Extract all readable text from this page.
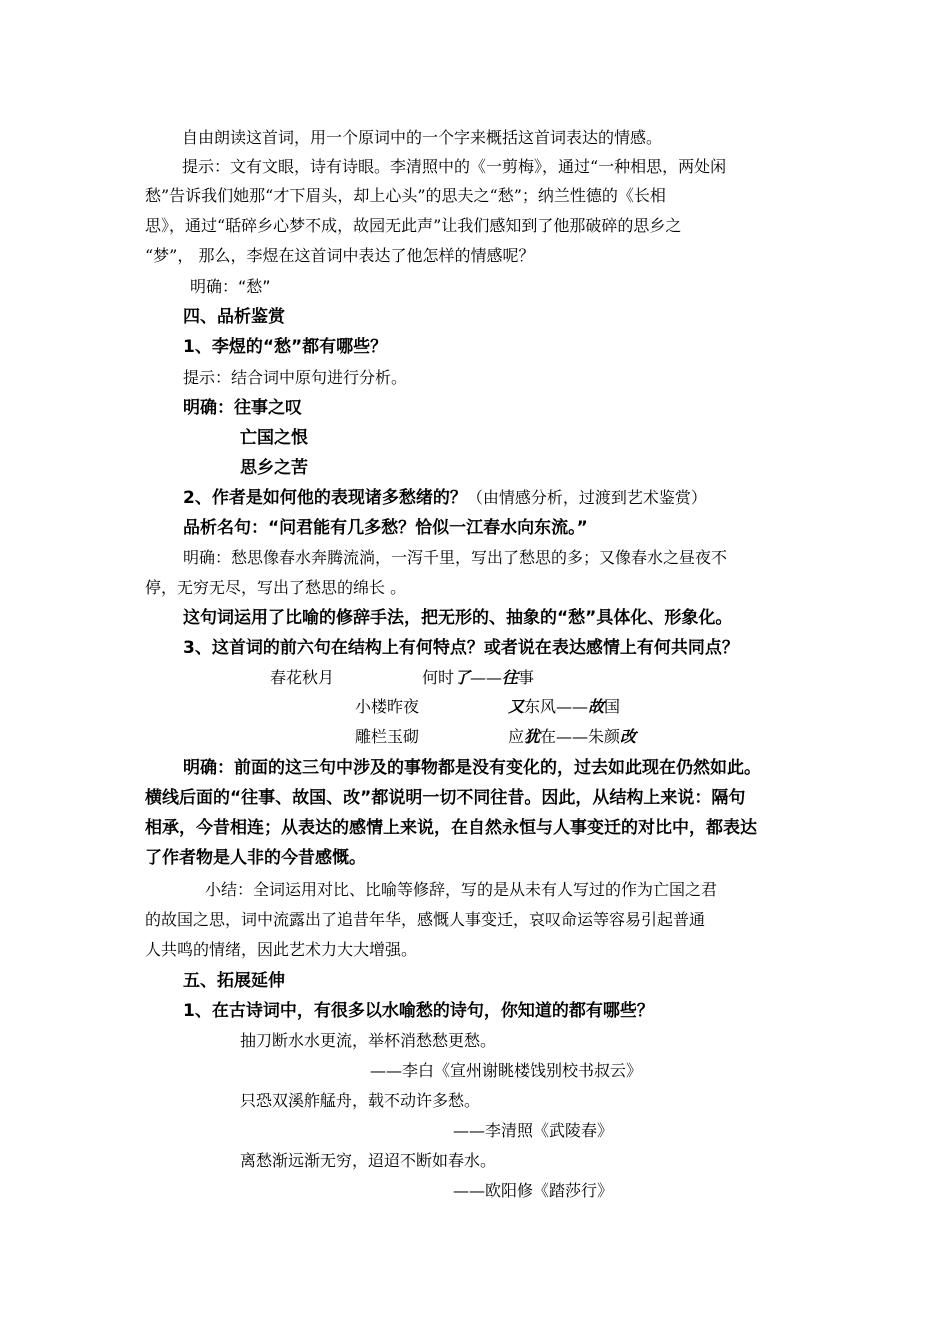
自由朗读这首词，用一个原词中的一个字来概括这首词表达的情感。
提示：文有文眼，诗有诗眼。李清照中的《一剪梅》，通过“一种相思，两处闲
愁”告诉我们她那“才下眉头，却上心头”的思夫之“愁”；纳兰性德的《长相
思》，通过“聒碎乡心梦不成，故园无此声”让我们感知到了他那破碎的思乡之
“梦”， 那么，李煜在这首词中表达了他怎样的情感呢？
明确：“愁”
四、品析鉴赏
1、李煜的“愁”都有哪些？
提示：结合词中原句进行分析。
明确：往事之叹
亡国之恨
思乡之苦
2、作者是如何他的表现诸多愁绪的？（由情感分析，过渡到艺术鉴赏）
品析名句：“问君能有几多愁？恰似一江春水向东流。”
明确：愁思像春水奔腾流淌，一泻千里，写出了愁思的多；又像春水之昼夜不
停，无穷无尽，写出了愁思的绵长 。
这句词运用了比喻的修辞手法，把无形的、抽象的“愁”具体化、形象化。
3、这首词的前六句在结构上有何特点？或者说在表达感情上有何共同点？
春花秋月	何时了——往事
小楼昨夜	又东风——故国
雕栏玉砌	应犹在——朱颜改
明确：前面的这三句中涉及的事物都是没有变化的，过去如此现在仍然如此。
横线后面的“往事、故国、改”都说明一切不同往昔。因此，从结构上来说：隔句
相承，今昔相连；从表达的感情上来说，在自然永恒与人事变迁的对比中，都表达
了作者物是人非的今昔感慨。
小结：全词运用对比、比喻等修辞，写的是从未有人写过的作为亡国之君
的故国之思，词中流露出了追昔年华，感慨人事变迁，哀叹命运等容易引起普通
人共鸣的情绪，因此艺术力大大增强。
五、拓展延伸
1、在古诗词中，有很多以水喻愁的诗句，你知道的都有哪些？
抽刀断水水更流，举杯消愁愁更愁。
——李白《宣州谢眺楼饯别校书叔云》
只恐双溪舴艋舟，载不动许多愁。
——李清照《武陵春》
离愁渐远渐无穷，迢迢不断如春水。
——欧阳修《踏莎行》
